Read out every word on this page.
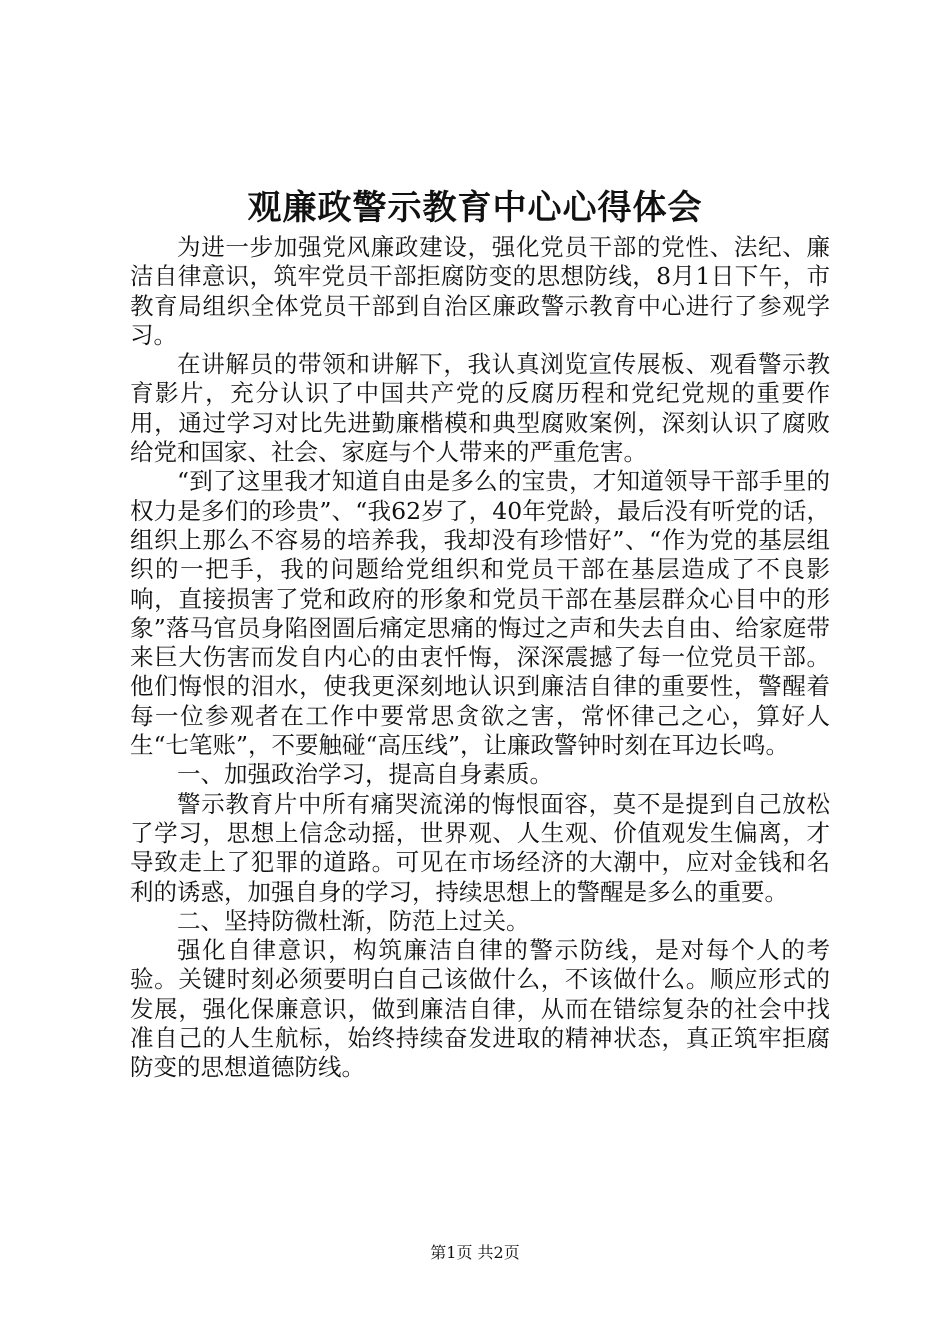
观廉政警示教育中心心得体会

为进一步加强党风廉政建设，强化党员干部的党性、法纪、廉洁自律意识，筑牢党员干部拒腐防变的思想防线，8月1日下午，市教育局组织全体党员干部到自治区廉政警示教育中心进行了参观学习。

在讲解员的带领和讲解下，我认真浏览宣传展板、观看警示教育影片，充分认识了中国共产党的反腐历程和党纪党规的重要作用，通过学习对比先进勤廉楷模和典型腐败案例，深刻认识了腐败给党和国家、社会、家庭与个人带来的严重危害。

“到了这里我才知道自由是多么的宝贵，才知道领导干部手里的权力是多们的珍贵”、“我62岁了，40年党龄，最后没有听党的话，组织上那么不容易的培养我，我却没有珍惜好”、“作为党的基层组织的一把手，我的问题给党组织和党员干部在基层造成了不良影响，直接损害了党和政府的形象和党员干部在基层群众心目中的形象”落马官员身陷囹圄后痛定思痛的悔过之声和失去自由、给家庭带来巨大伤害而发自内心的由衷忏悔，深深震撼了每一位党员干部。他们悔恨的泪水，使我更深刻地认识到廉洁自律的重要性，警醒着每一位参观者在工作中要常思贪欲之害，常怀律己之心，算好人生“七笔账”，不要触碰“高压线”，让廉政警钟时刻在耳边长鸣。

一、加强政治学习，提高自身素质。

警示教育片中所有痛哭流涕的悔恨面容，莫不是提到自己放松了学习，思想上信念动摇，世界观、人生观、价值观发生偏离，才导致走上了犯罪的道路。可见在市场经济的大潮中，应对金钱和名利的诱惑，加强自身的学习，持续思想上的警醒是多么的重要。

二、坚持防微杜渐，防范上过关。

强化自律意识，构筑廉洁自律的警示防线，是对每个人的考验。关键时刻必须要明白自己该做什么，不该做什么。顺应形式的发展，强化保廉意识，做到廉洁自律，从而在错综复杂的社会中找准自己的人生航标，始终持续奋发进取的精神状态，真正筑牢拒腐防变的思想道德防线。

第1页 共2页
